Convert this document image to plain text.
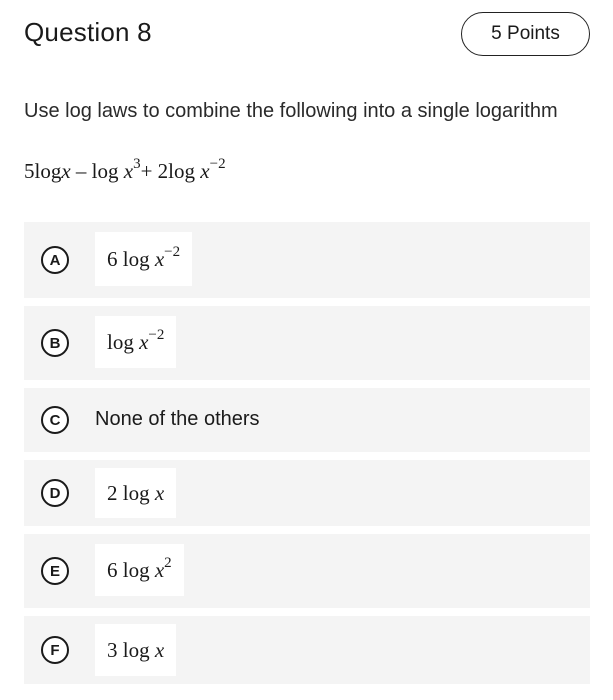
Question 8	5 Points
Use log laws to combine the following into a single logarithm
$5\log x - \log x^3+ 2\log$ $x^{-2}$
A	6 $\log x^{-2}$
B	$\log x^{-2}$
C	None of the others
D	2 log x
E	6 $\log x^2$
F	3 log x
